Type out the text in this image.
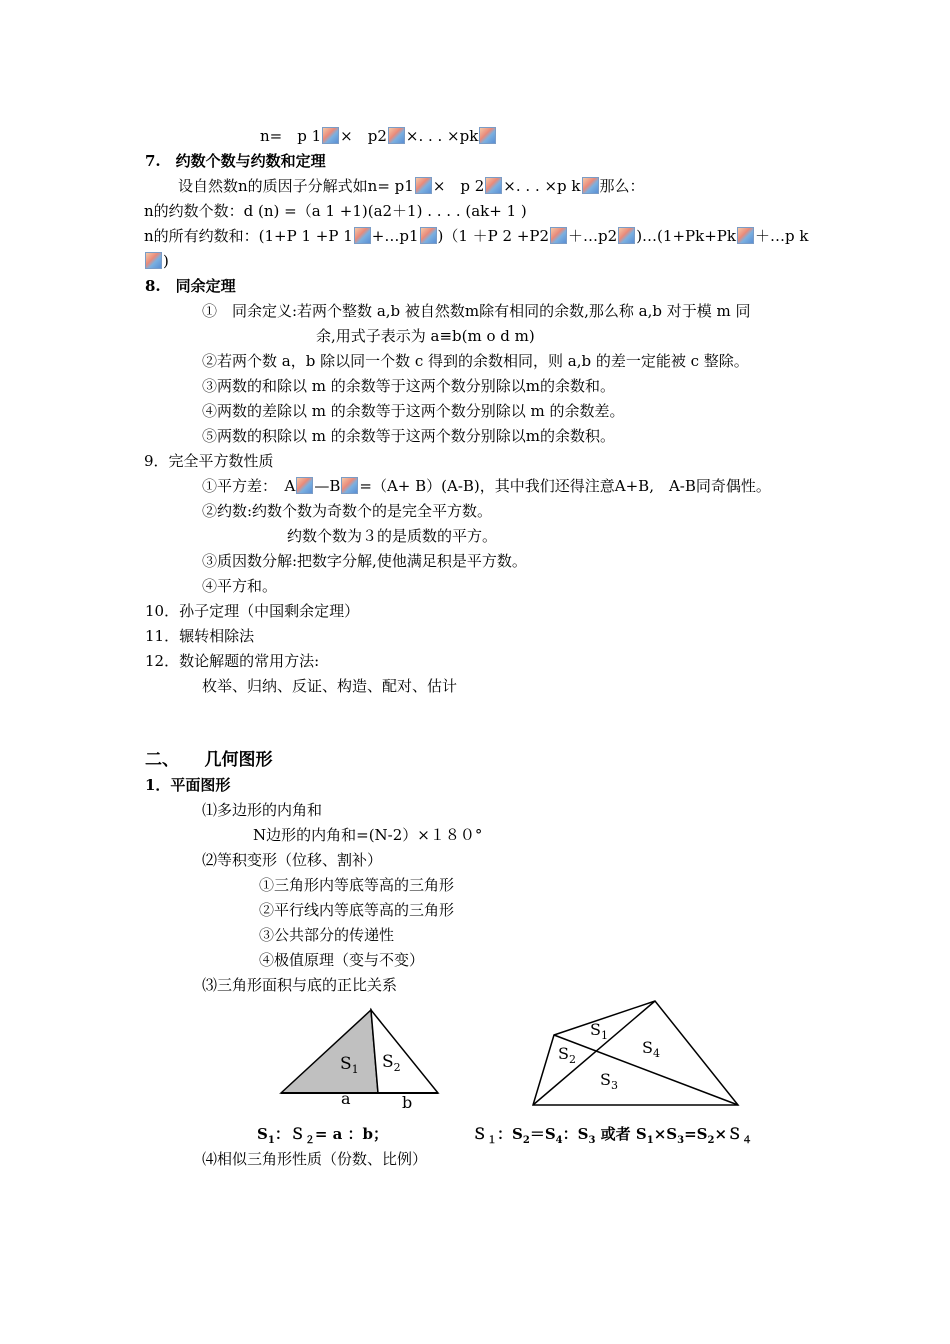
n=　p 1 ×　p2 ×. . . ×pk
7.　约数个数与约数和定理
设自然数n的质因子分解式如n= p1 ×　p 2 ×. . . ×p k 那么：
n的约数个数：d (n) =（a 1 +1)(a2＋1) . . . . (ak+ 1 )
n的所有约数和：(1+P 1 +P 1 +…p1 )（1 ＋P 2 +P2 ＋…p2 )…(1+Pk+Pk ＋…p k
)
8.　同余定理
①　同余定义:若两个整数 a,b 被自然数m除有相同的余数,那么称 a,b 对于模 m 同
余,用式子表示为 a≡b(m o d m)
②若两个数 a，b 除以同一个数 c 得到的余数相同，则 a,b 的差一定能被 c 整除。
③两数的和除以 m 的余数等于这两个数分别除以m的余数和。
④两数的差除以 m 的余数等于这两个数分别除以 m 的余数差。
⑤两数的积除以 m 的余数等于这两个数分别除以m的余数积。
9．完全平方数性质
①平方差：　A —B =（A+ B）(A-B)，其中我们还得注意A+B,　A-B同奇偶性。
②约数:约数个数为奇数个的是完全平方数。
约数个数为３的是质数的平方。
③质因数分解:把数字分解,使他满足积是平方数。
④平方和。
10．孙子定理（中国剩余定理）
11．辗转相除法
12．数论解题的常用方法:
枚举、归纳、反证、构造、配对、估计
二、　　几何图形
1．平面图形
⑴多边形的内角和
N边形的内角和=(N-2）×１８０°
⑵等积变形（位移、割补）
①三角形内等底等高的三角形
②平行线内等底等高的三角形
③公共部分的传递性
④极值原理（变与不变）
⑶三角形面积与底的正比关系
$S_1$ $S_2$
a	b
$S_1$
$S_2$
$S_3$
$S_4$
$S_1$：Ｓ$_2$= a ：b；	Ｓ$_1$：$S_2=S_4$：$S_3$ 或者 $S_1\times S_3=S_2\times S_4$
⑷相似三角形性质（份数、比例）
